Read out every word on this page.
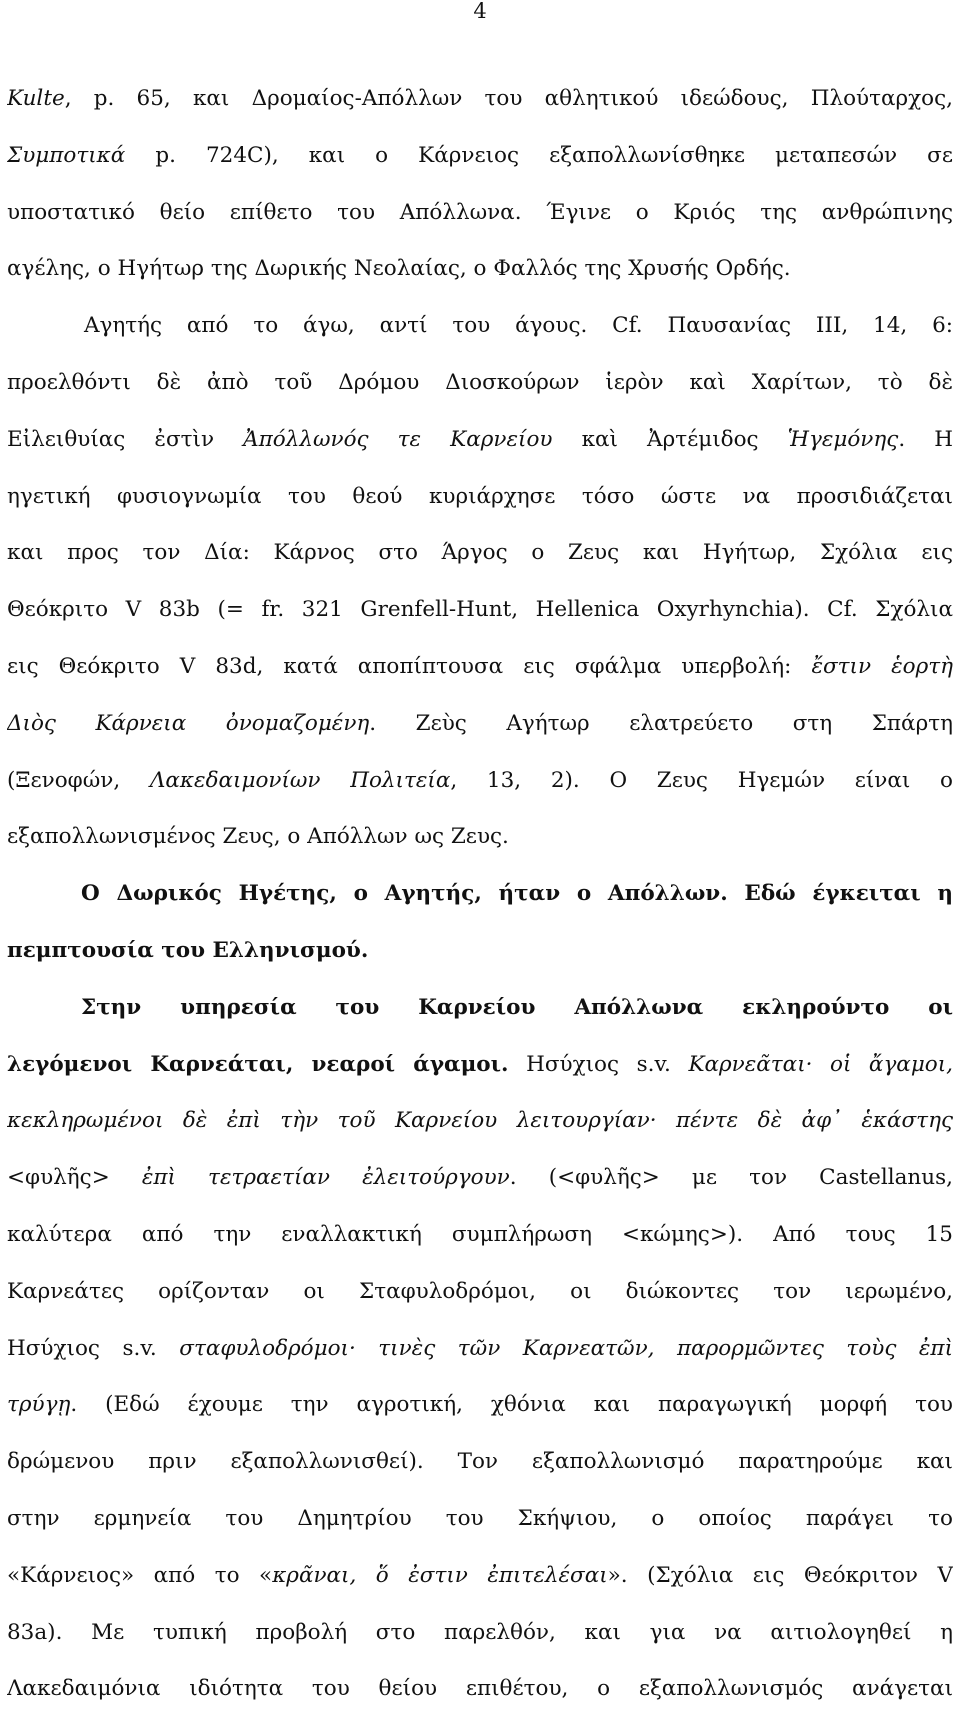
4
Kulte, p. 65, και Δρομαίος-Απόλλων του αθλητικού ιδεώδους, Πλούταρχος,
Συμποτικά p. 724C), και ο Κάρνειος εξαπολλωνίσθηκε μεταπεσών σε
υποστατικό θείο επίθετο του Απόλλωνα. Έγινε ο Κριός της ανθρώπινης
αγέλης, ο Ηγήτωρ της Δωρικής Νεολαίας, ο Φαλλός της Χρυσής Ορδής.
Αγητής από το άγω, αντί του άγους. Cf. Παυσανίας III, 14, 6:
προελθόντι δὲ ἀπὸ τοῦ Δρόμου Διοσκούρων ἱερὸν καὶ Χαρίτων, τὸ δὲ
Εἰλειθυίας ἐστὶν Ἀπόλλωνός τε Καρνείου καὶ Ἀρτέμιδος Ἡγεμόνης. Η
ηγετική φυσιογνωμία του θεού κυριάρχησε τόσο ώστε να προσιδιάζεται
και προς τον Δία: Κάρνος στο Άργος ο Ζευς και Ηγήτωρ, Σχόλια εις
Θεόκριτο V 83b (= fr. 321 Grenfell-Hunt, Hellenica Oxyrhynchia). Cf. Σχόλια
εις Θεόκριτο V 83d, κατά αποπίπτουσα εις σφάλμα υπερβολή: ἔστιν ἑορτὴ
Διὸς Κάρνεια ὀνομαζομένη. Ζεὺς Αγήτωρ ελατρεύετο στη Σπάρτη
(Ξενοφών, Λακεδαιμονίων Πολιτεία, 13, 2). Ο Ζευς Ηγεμών είναι ο
εξαπολλωνισμένος Ζευς, ο Απόλλων ως Ζευς.
Ο Δωρικός Ηγέτης, ο Αγητής, ήταν ο Απόλλων. Εδώ έγκειται η
πεμπτουσία του Ελληνισμού.
Στην υπηρεσία του Καρνείου Απόλλωνα εκληρούντο οι
λεγόμενοι Καρνεάται, νεαροί άγαμοι. Ησύχιος s.v. Καρνεᾶται· οἱ ἄγαμοι,
κεκληρωμένοι δὲ ἐπὶ τὴν τοῦ Καρνείου λειτουργίαν· πέντε δὲ ἀφ᾽ ἑκάστης
<φυλῆς> ἐπὶ τετραετίαν ἐλειτούργουν. (<φυλῆς> με τον Castellanus,
καλύτερα από την εναλλακτική συμπλήρωση <κώμης>). Από τους 15
Καρνεάτες ορίζονταν οι Σταφυλοδρόμοι, οι διώκοντες τον ιερωμένο,
Ησύχιος s.v. σταφυλοδρόμοι· τινὲς τῶν Καρνεατῶν, παρορμῶντες τοὺς ἐπὶ
τρύγῃ. (Εδώ έχουμε την αγροτική, χθόνια και παραγωγική μορφή του
δρώμενου πριν εξαπολλωνισθεί). Τον εξαπολλωνισμό παρατηρούμε και
στην ερμηνεία του Δημητρίου του Σκήψιου, ο οποίος παράγει το
«Κάρνειος» από το «κρᾶναι, ὅ ἐστιν ἐπιτελέσαι». (Σχόλια εις Θεόκριτον V
83a). Με τυπική προβολή στο παρελθόν, και για να αιτιολογηθεί η
Λακεδαιμόνια ιδιότητα του θείου επιθέτου, ο εξαπολλωνισμός ανάγεται
